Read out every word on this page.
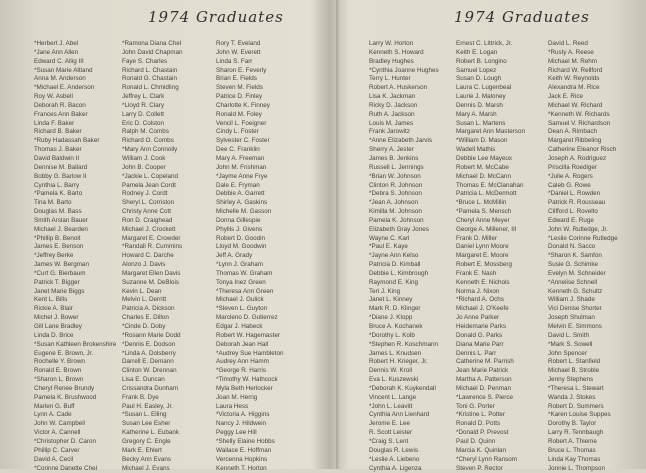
1974 Graduates
*Herbert J. Abel
*Jane Ann Allen
Edward C. Allig III
*Susan Marie Altland
Anna M. Anderson
*Michael E. Anderson
Roy W. Asbell
Deborah R. Bacon
Frances Ann Baker
Linda F. Baker
Richard B. Baker
*Ruby Hadassah Baker
Thomas J. Baker
David Baldwin II
Dennise M. Ballard
Bobby G. Barlow II
Cynthia L. Barry
*Pamela K. Barto
Tina M. Barto
Douglas M. Bass
Smith Arslan Bauer
Michael J. Bearden
*Phillip B. Benoit
James E. Benson
*Jeffrey Berke
James W. Bergman
*Curt G. Bierbaum
Patrick T. Bigger
Janet Marie Biggs
Kent L. Bills
Rickie A. Blair
Michel J. Bower
Gill Lane Bradley
Linda D. Brice
*Susan Kathleen Brokenshire
Eugene E. Brown, Jr.
Rochelle Y. Brown
Ronald E. Brown
*Sharon L. Brown
Cheryl Renee Brundy
Pamela K. Brushwood
Marlen G. Buff
Lynn A. Cade
John W. Campbell
Victor A. Cannell
*Christopher D. Caron
Phillip C. Carver
David A. Cecil
*Corinne Danette Chel
*Ramona Diana Chel
John David Chapman
Faye S. Charles
Richard L. Chastain
Ronald G. Chastain
Ronald L. Chmidling
Jeffrey L. Clark
*Lloyd R. Clary
Larry D. Collett
Eric D. Colston
Ralph M. Combs
Richard O. Combs
*Mary Ann Connolly
William J. Cook
John B. Cooper
*Jackie L. Copeland
Pamela Jean Cordt
Rodney J. Cordt
Sheryl L. Corriston
Christy Anne Cott
Ron D. Craighead
Michael J. Crockett
Margaret E. Crowder
*Randall R. Cummins
Howard C. Darche
Alonzo J. Davis
Margaret Ellen Davis
Suzanne M. DeBlois
Kevin L. Dean
Melvin L. Derritt
Patricia A. Dickson
Charles E. Dillon
*Cinde D. Doby
*Rosann Marie Dodd
*Dennis E. Dodson
*Linda A. Dolsberry
Darrell E. Demann
Clinton W. Drennan
Lisa E. Duncan
Crissandra Dunham
Frank B. Dye
Paul H. Easley, Jr.
*Susan L. Elling
Susan Lee Esher
Katherine L. Eubank
Gregory C. Engle
Mark E. Ehlert
Becky Ann Evans
Michael J. Evans
Rory T. Eveland
John W. Everett
Linda S. Farr
Sharon E. Feverly
Brian E. Fields
Steven M. Fields
Patrice D. Finley
Charlotte K. Finney
Ronald M. Foley
Vencil L. Foeigner
Cindy L. Foster
Sylvester C. Foster
Dee C. Franklin
Mary A. Freeman
John M. Frishman
*Jayme Anne Frye
Dale E. Fryman
Debbie A. Garrett
Shirley A. Gaskins
Michelle M. Gasson
Donna Gillespie
Phyllis J. Givens
Robert D. Goodin
Lloyd M. Goodwin
Jeff A. Grady
*Lynn J. Graham
Thomas W. Graham
Tonya Inez Green
*Theresa Ann Green
Michael J. Gulick
*Steven L. Guyton
Marcleno D. Gutierrez
Edgar J. Habeck
Robert W. Hagemaster
Deborah Jean Hall
*Audrey Sue Hambleton
Audrey Ann Hamm
*George R. Harris
*Timothy W. Hathcock
Myla Beth Herlocker
Joan M. Herrig
Laura Hess
*Victoria A. Higgins
Nancy J. Hildwein
Peggy Lee Hill
*Shelly Elaine Hobbs
Wallace E. Hoffman
Vercenna Hopkins
Kenneth T. Horton
1974 Graduates
Larry W. Horton
Kenneth S. Howard
Bradley Hughes
*Cynthia Joanne Hughes
Terry L. Hunter
Robert A. Huskerson
Lisa K. Jackman
Ricky D. Jackson
Ruth A. Jackson
Louis M. James
Frank Jarowitz
*Anne Elizabeth Jarvis
Sherry A. Jester
James B. Jenkins
Russell L. Jennings
*Brian W. Johnson
Clinton R. Johnson
*Debra S. Johnson
*Jean A. Johnson
Kimilla M. Johnson
Pamela K. Johnson
Elizabeth Gray Jones
Wayne C. Karl
*Paul E. Kaye
*Jayne Ann Kelso
Patricia D. Kimball
Debbie L. Kimbrough
Raymond E. King
Teri J. King
Janet L. Kinney
Mark R. D. Klinger
*Diane J. Klopp
Bruce A. Kochanek
*Dorothy L. Kolb
*Stephen R. Koschmann
James L. Knudsen
Robert H. Krieger, Jr.
Dennis W. Kroll
Eva L. Kuszewski
*Deborah K. Kuykendall
Vincent L. Lange
*John L. Leavitt
Cynthia Ann Lienhard
Jerome E. Lee
R. Scott Leister
*Craig S. Lent
Douglas R. Lewis
*Leslie A. Liebeno
Cynthia A. Ligenza
Ernest C. Littrick, Jr.
Keith E. Logan
Robert B. Longino
Samuel Lopez
Susan D. Lough
Laura C. Lugenbeal
Laurie J. Maloney
Dennis D. Marsh
Mary A. Marsh
Susan L. Martens
Margaret Ann Masterson
*William D. Mason
Wadell Mathis
Debbie Lee Mayeux
Robert M. McCabe
Michael D. McCann
Thomas E. McClanahan
Patricia L. McDermott
*Bruce L. McMillin
*Pamela S. Mensch
Cheryl Anne Meyer
George A. Millener, III
Frank D. Miller
Daniel Lynn Moore
Margaret E. Moore
Robert E. Mossberg
Frank E. Nash
Kenneth E. Nichols
Norma J. Nixon
*Richard A. Ochs
Michael J. O'Keefe
Jo Anne Parker
Heidemarie Parks
Donald G. Parks
Diana Marie Parr
Dennis L. Parr
Catherine M. Parrish
Jean Marie Patrick
Martha A. Patterson
Michael D. Penman
*Lawrence S. Pierce
Toni G. Porter
*Kristine L. Potter
Ronald D. Potts
*Donald P. Prevost
Paul D. Quinn
Marcia K. Quinlan
*Cheryl Lynn Ransom
Steven P. Rector
David L. Reed
*Rusty A. Reese
Michael M. Rehm
Richard W. Rellford
Keith W. Reynolds
Alexandra M. Rice
Jack E. Rice
Michael W. Richard
*Kenneth W. Richards
Samuel V. Richardson
Dean A. Rimbach
Margaret Ribbeling
Catherine Eleanor Risch
Joseph A. Rodriguez
Priscilla Roediger
*Julie A. Rogers
Caleb G. Rowe
*Daniel L. Rowden
Patrick R. Rousseau
Clifford L. Rovelto
Edward E. Ruge
John W. Rutledge, Jr.
*Leslie Corinne Rutledge
Donald N. Sacco
*Sharon K. Samfon
Susie G. Schimke
Evelyn M. Schneider
*Annelise Schnell
Kenneth G. Schultz
William J. Shade
Vici Denise Shorter
Joseph Shulman
Melvin E. Simmons
David L. Smith
*Mark S. Sowell
John Spencer
Robert L. Stanfield
Michael B. Stroble
Jenny Stephens
*Theresa L. Stewart
Wanda J. Stokes
Robert D. Summers
*Karen Louise Suppes
Dorothy B. Taylor
Larry R. Tennbaugh
Robert A. Thieme
Bruce L. Thomas
Linda Kay Thomas
Jonnie L. Thompson
